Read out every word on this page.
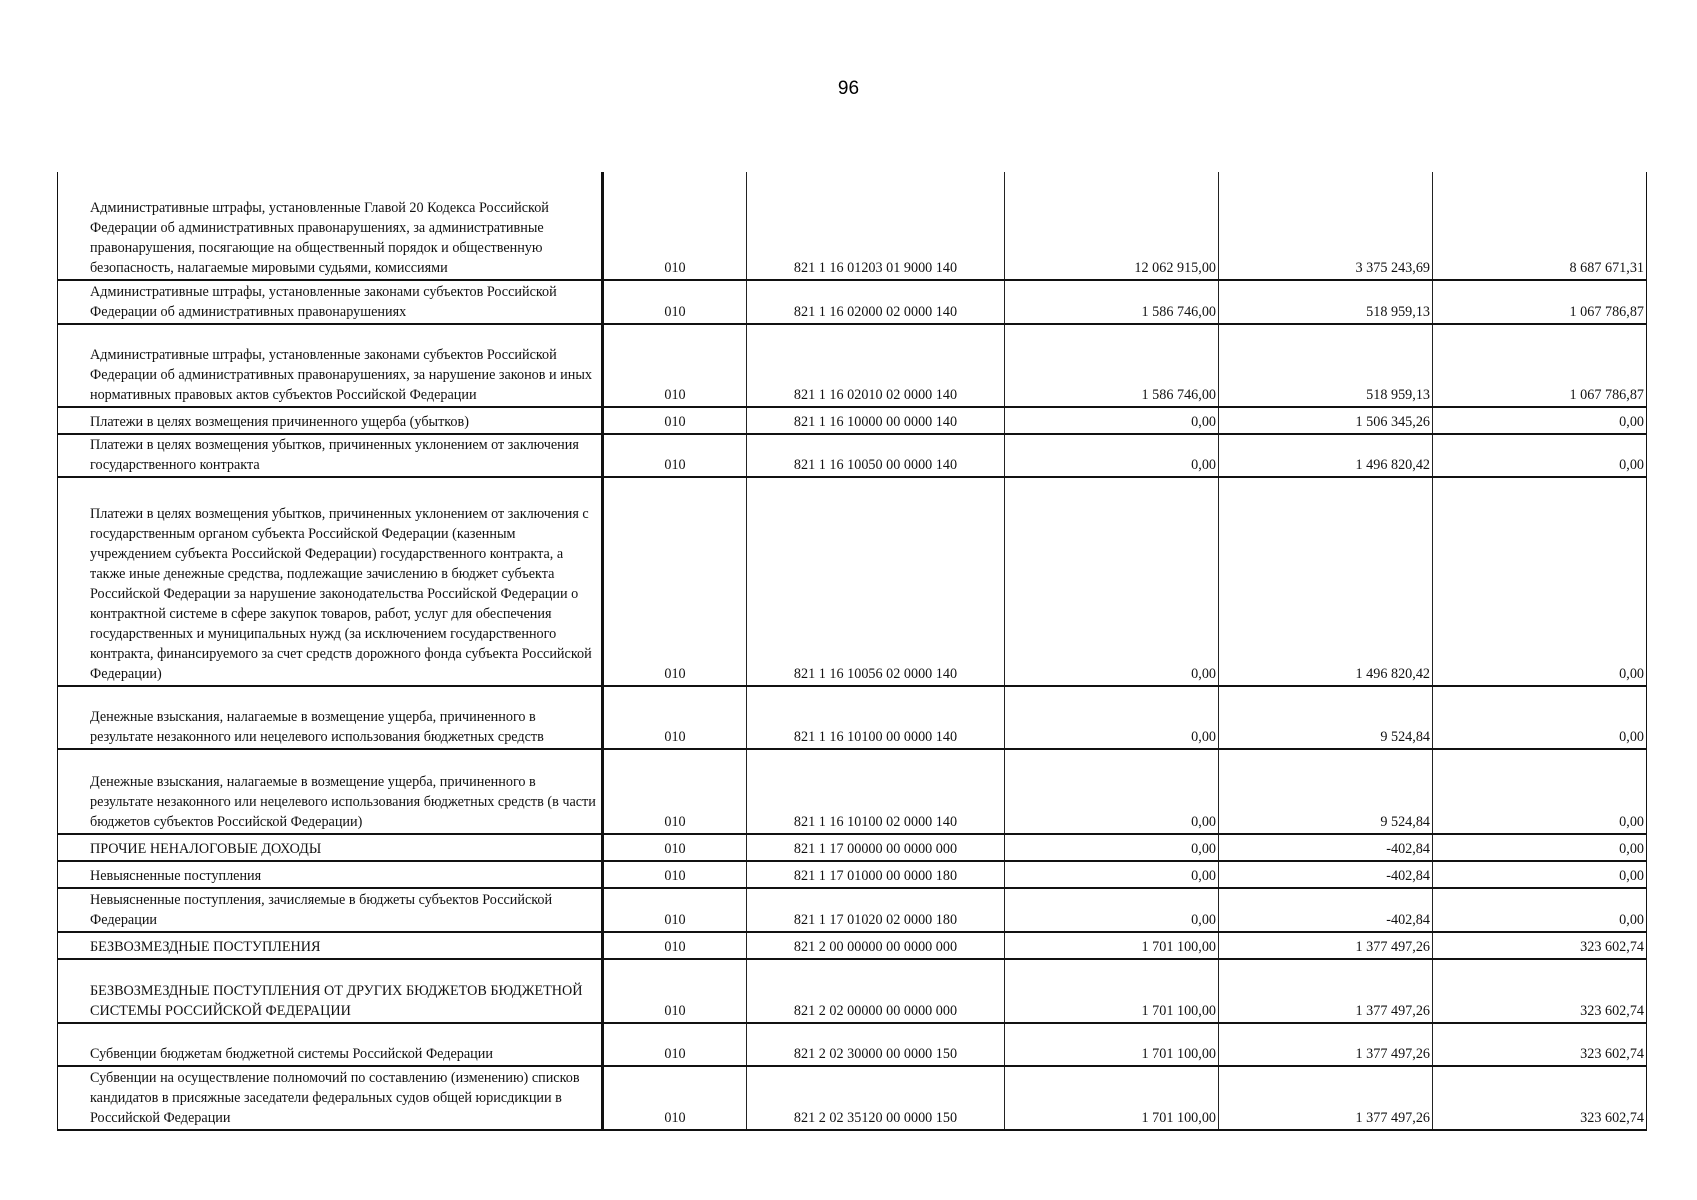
96
Административные штрафы, установленные Главой 20 Кодекса Российской Федерации об административных правонарушениях, за административные правонарушения, посягающие на общественный порядок и общественную безопасность, налагаемые мировыми судьями, комиссиями	010	821 1 16 01203 01 9000 140	12 062 915,00	3 375 243,69	8 687 671,31
Административные штрафы, установленные законами субъектов Российской Федерации об административных правонарушениях	010	821 1 16 02000 02 0000 140	1 586 746,00	518 959,13	1 067 786,87
Административные штрафы, установленные законами субъектов Российской Федерации об административных правонарушениях, за нарушение законов и иных нормативных правовых актов субъектов Российской Федерации	010	821 1 16 02010 02 0000 140	1 586 746,00	518 959,13	1 067 786,87
Платежи в целях возмещения причиненного ущерба (убытков)	010	821 1 16 10000 00 0000 140	0,00	1 506 345,26	0,00
Платежи в целях возмещения убытков, причиненных уклонением от заключения государственного контракта	010	821 1 16 10050 00 0000 140	0,00	1 496 820,42	0,00
Платежи в целях возмещения убытков, причиненных уклонением от заключения с государственным органом субъекта Российской Федерации (казенным учреждением субъекта Российской Федерации) государственного контракта, а также иные денежные средства, подлежащие зачислению в бюджет субъекта Российской Федерации за нарушение законодательства Российской Федерации о контрактной системе в сфере закупок товаров, работ, услуг для обеспечения государственных и муниципальных нужд (за исключением государственного контракта, финансируемого за счет средств дорожного фонда субъекта Российской Федерации)	010	821 1 16 10056 02 0000 140	0,00	1 496 820,42	0,00
Денежные взыскания, налагаемые в возмещение ущерба, причиненного в результате незаконного или нецелевого использования бюджетных средств	010	821 1 16 10100 00 0000 140	0,00	9 524,84	0,00
Денежные взыскания, налагаемые в возмещение ущерба, причиненного в результате незаконного или нецелевого использования бюджетных средств (в части бюджетов субъектов Российской Федерации)	010	821 1 16 10100 02 0000 140	0,00	9 524,84	0,00
ПРОЧИЕ НЕНАЛОГОВЫЕ ДОХОДЫ	010	821 1 17 00000 00 0000 000	0,00	-402,84	0,00
Невыясненные поступления	010	821 1 17 01000 00 0000 180	0,00	-402,84	0,00
Невыясненные поступления, зачисляемые в бюджеты субъектов Российской Федерации	010	821 1 17 01020 02 0000 180	0,00	-402,84	0,00
БЕЗВОЗМЕЗДНЫЕ ПОСТУПЛЕНИЯ	010	821 2 00 00000 00 0000 000	1 701 100,00	1 377 497,26	323 602,74
БЕЗВОЗМЕЗДНЫЕ ПОСТУПЛЕНИЯ ОТ ДРУГИХ БЮДЖЕТОВ БЮДЖЕТНОЙ СИСТЕМЫ РОССИЙСКОЙ ФЕДЕРАЦИИ	010	821 2 02 00000 00 0000 000	1 701 100,00	1 377 497,26	323 602,74
Субвенции бюджетам бюджетной системы Российской Федерации	010	821 2 02 30000 00 0000 150	1 701 100,00	1 377 497,26	323 602,74
Субвенции на осуществление полномочий по составлению (изменению) списков кандидатов в присяжные заседатели федеральных судов общей юрисдикции в Российской Федерации	010	821 2 02 35120 00 0000 150	1 701 100,00	1 377 497,26	323 602,74
